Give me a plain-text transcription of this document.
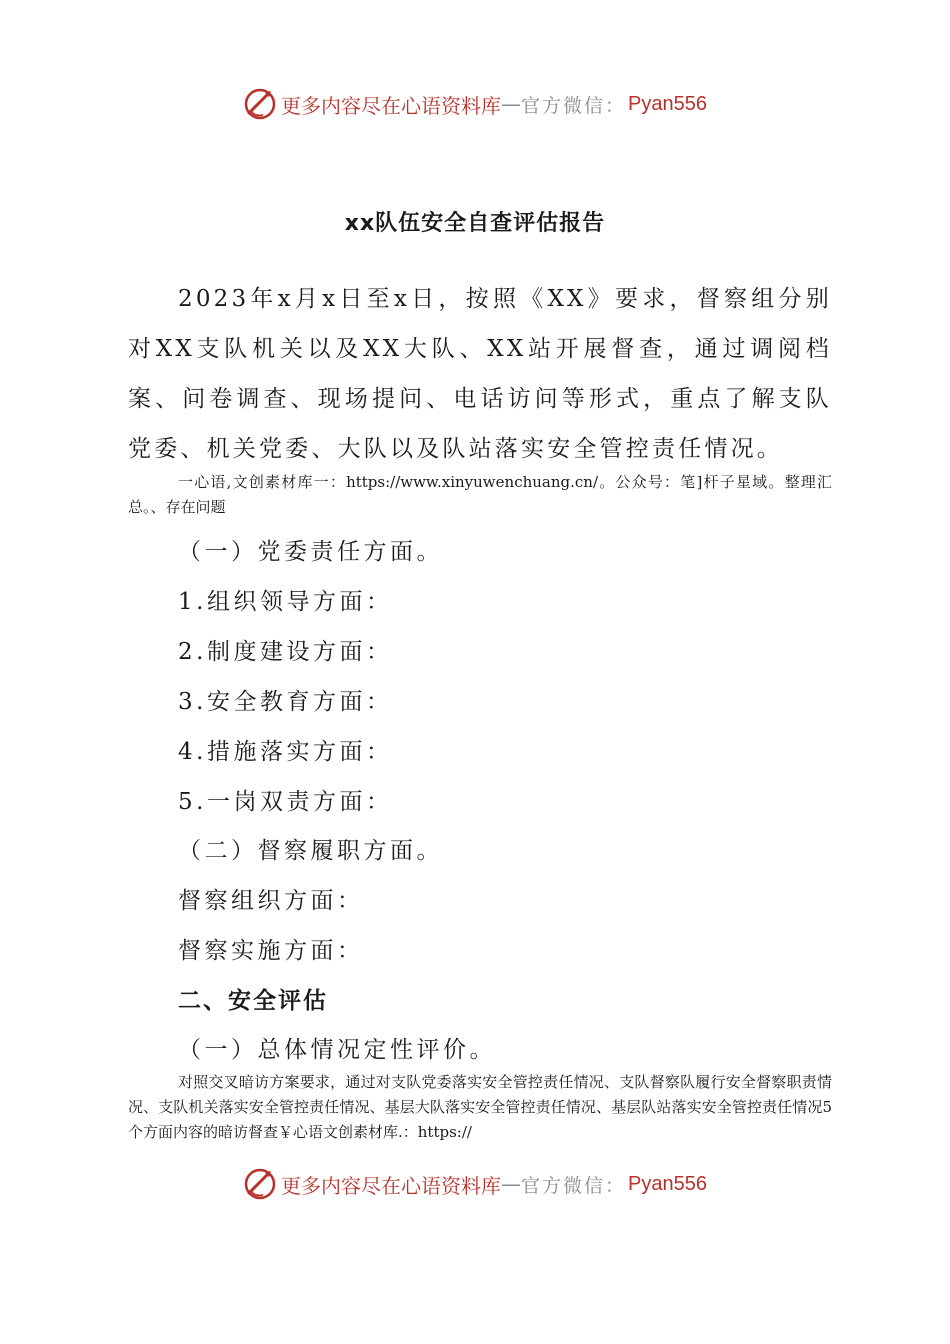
更多内容尽在心语资料库 — 官方微信： Pyan556
xx队伍安全自查评估报告

2023年x月x日至x日，按照《XX》要求，督察组分别对XX支队机关以及XX大队、XX站开展督查，通过调阅档案、问卷调查、现场提问、电话访问等形式，重点了解支队党委、机关党委、大队以及队站落实安全管控责任情况。

一心语,文创素材库一：https://www.xinyuwenchuang.cn/。公众号：笔]杆子星域。整理汇总。、存在问题

（一）党委责任方面。
1.组织领导方面：
2.制度建设方面：
3.安全教育方面：
4.措施落实方面：
5.一岗双责方面：
（二）督察履职方面。
督察组织方面：
督察实施方面：
二、安全评估
（一）总体情况定性评价。

对照交叉暗访方案要求，通过对支队党委落实安全管控责任情况、支队督察队履行安全督察职责情况、支队机关落实安全管控责任情况、基层大队落实安全管控责任情况、基层队站落实安全管控责任情况5个方面内容的暗访督查￥心语文创素材库.：https://

更多内容尽在心语资料库 — 官方微信： Pyan556
